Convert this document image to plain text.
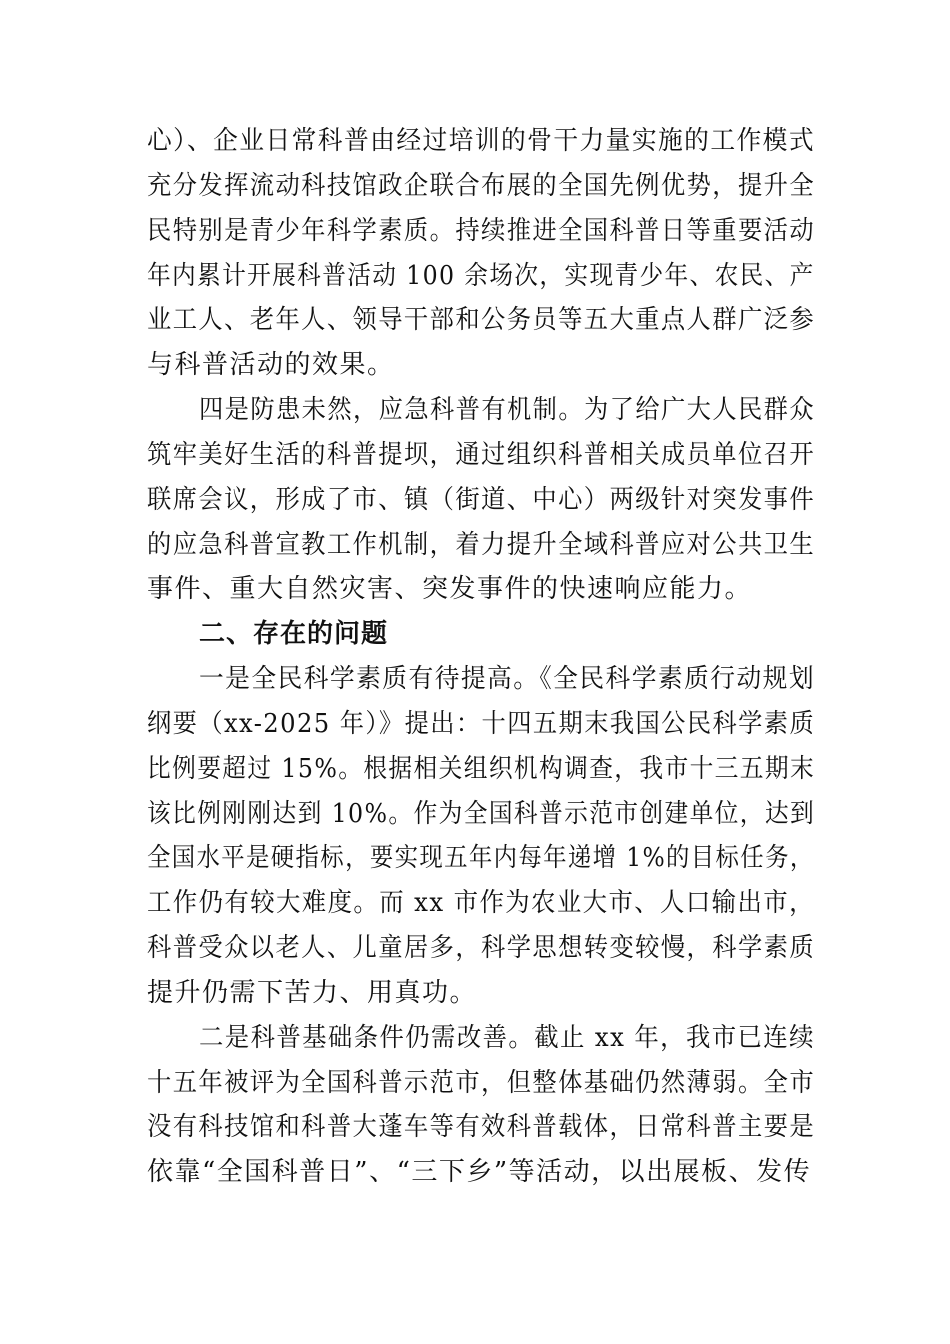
心）、企业日常科普由经过培训的骨干力量实施的工作模式
充分发挥流动科技馆政企联合布展的全国先例优势，提升全
民特别是青少年科学素质。持续推进全国科普日等重要活动
年内累计开展科普活动 100 余场次，实现青少年、农民、产
业工人、老年人、领导干部和公务员等五大重点人群广泛参
与科普活动的效果。
四是防患未然，应急科普有机制。为了给广大人民群众
筑牢美好生活的科普提坝，通过组织科普相关成员单位召开
联席会议，形成了市、镇（街道、中心）两级针对突发事件
的应急科普宣教工作机制，着力提升全域科普应对公共卫生
事件、重大自然灾害、突发事件的快速响应能力。
二、存在的问题
一是全民科学素质有待提高。《全民科学素质行动规划
纲要（xx-2025 年）》提出：十四五期末我国公民科学素质
比例要超过 15%。根据相关组织机构调查，我市十三五期末
该比例刚刚达到 10%。作为全国科普示范市创建单位，达到
全国水平是硬指标，要实现五年内每年递增 1%的目标任务，
工作仍有较大难度。而 xx 市作为农业大市、人口输出市，
科普受众以老人、儿童居多，科学思想转变较慢，科学素质
提升仍需下苦力、用真功。
二是科普基础条件仍需改善。截止 xx 年，我市已连续
十五年被评为全国科普示范市，但整体基础仍然薄弱。全市
没有科技馆和科普大蓬车等有效科普载体，日常科普主要是
依靠“全国科普日”、“三下乡”等活动，以出展板、发传
